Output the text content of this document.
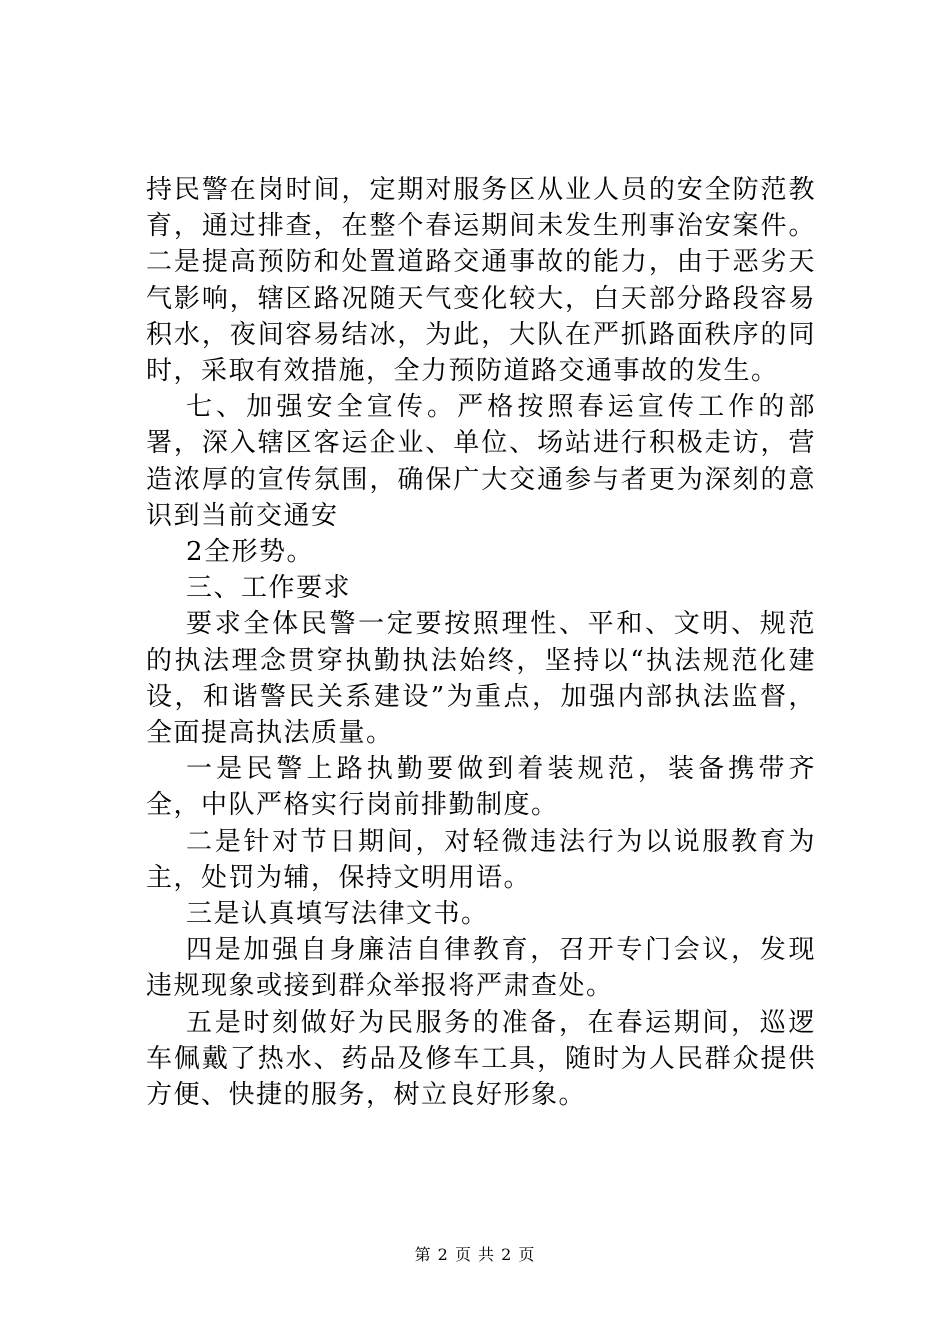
持民警在岗时间，定期对服务区从业人员的安全防范教育，通过排查，在整个春运期间未发生刑事治安案件。二是提高预防和处置道路交通事故的能力，由于恶劣天气影响，辖区路况随天气变化较大，白天部分路段容易积水，夜间容易结冰，为此，大队在严抓路面秩序的同时，采取有效措施，全力预防道路交通事故的发生。

七、加强安全宣传。严格按照春运宣传工作的部署，深入辖区客运企业、单位、场站进行积极走访，营造浓厚的宣传氛围，确保广大交通参与者更为深刻的意识到当前交通安

2全形势。

三、工作要求

要求全体民警一定要按照理性、平和、文明、规范的执法理念贯穿执勤执法始终，坚持以“执法规范化建设，和谐警民关系建设”为重点，加强内部执法监督，全面提高执法质量。

一是民警上路执勤要做到着装规范，装备携带齐全，中队严格实行岗前排勤制度。

二是针对节日期间，对轻微违法行为以说服教育为主，处罚为辅，保持文明用语。

三是认真填写法律文书。

四是加强自身廉洁自律教育，召开专门会议，发现违规现象或接到群众举报将严肃查处。

五是时刻做好为民服务的准备，在春运期间，巡逻车佩戴了热水、药品及修车工具，随时为人民群众提供方便、快捷的服务，树立良好形象。

第 2 页 共 2 页
